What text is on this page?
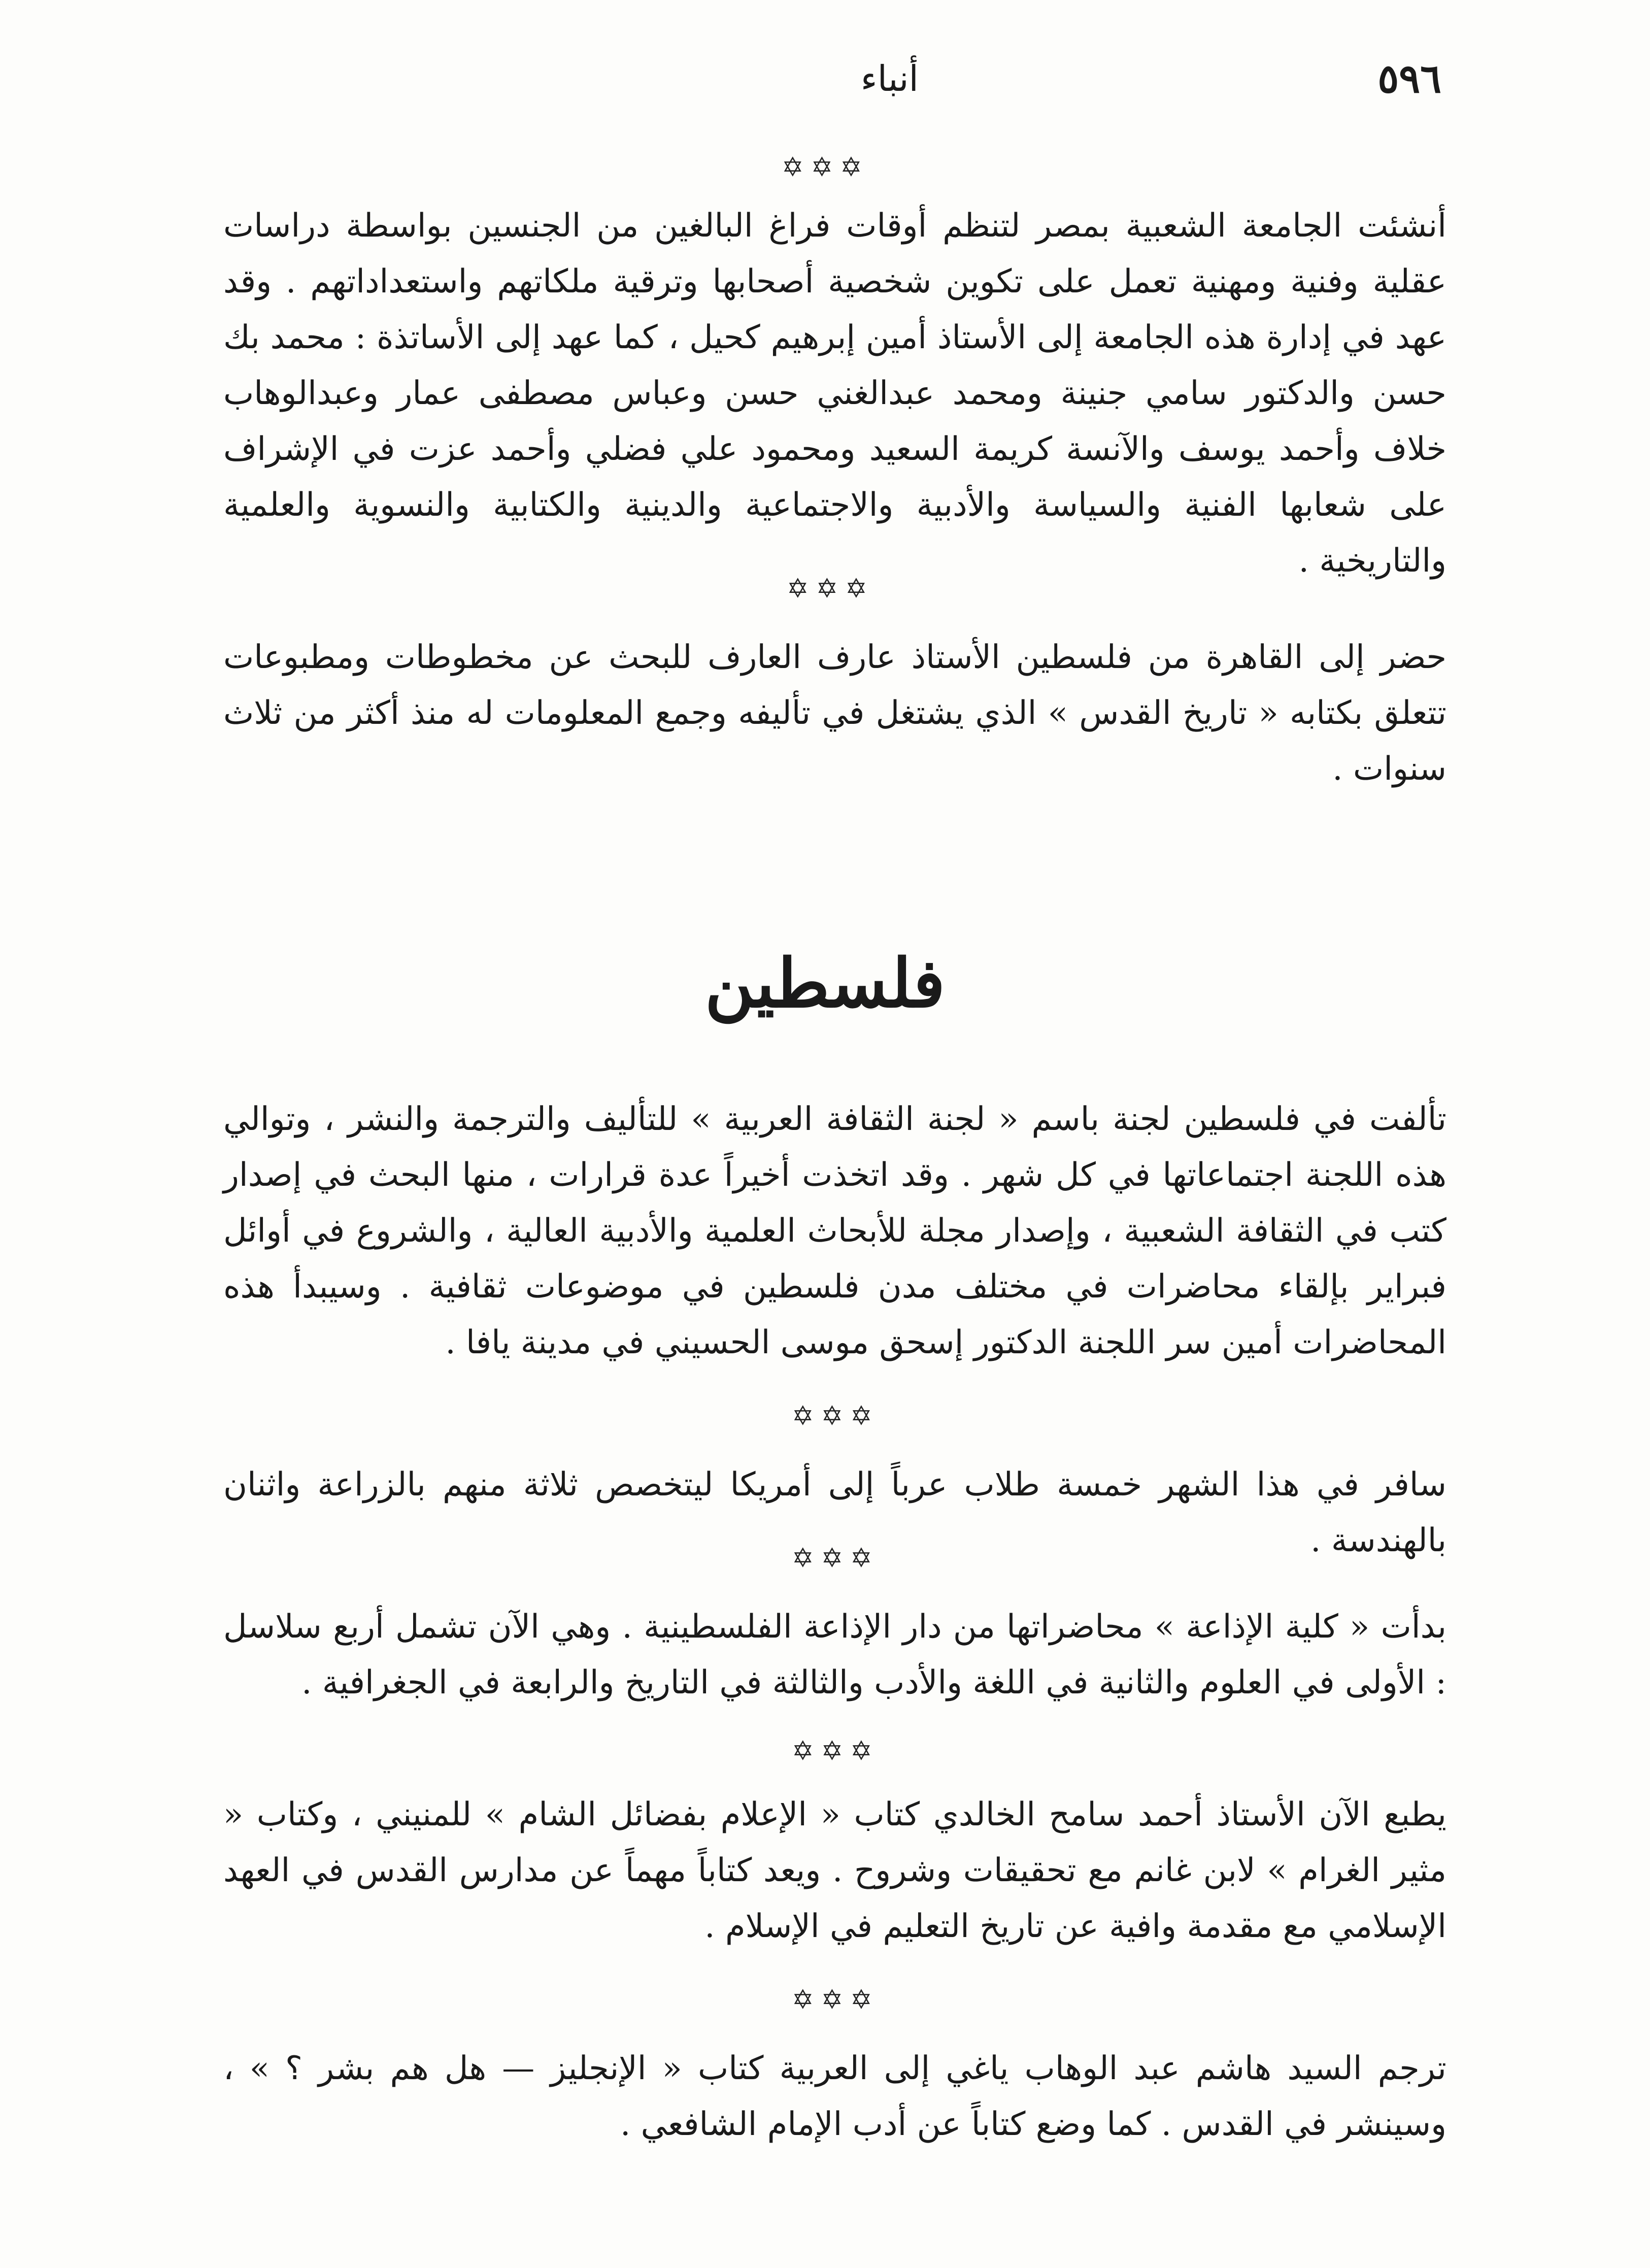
٥٩٦
أنباء
✡✡✡

أنشئت الجامعة الشعبية بمصر لتنظم أوقات فراغ البالغين من الجنسين بواسطة دراسات عقلية وفنية ومهنية تعمل على تكوين شخصية أصحابها وترقية ملكاتهم واستعداداتهم . وقد عهد في إدارة هذه الجامعة إلى الأستاذ أمين إبرهيم كحيل ، كما عهد إلى الأساتذة : محمد بك حسن والدكتور سامي جنينة ومحمد عبدالغني حسن وعباس مصطفى عمار وعبدالوهاب خلاف وأحمد يوسف والآنسة كريمة السعيد ومحمود علي فضلي وأحمد عزت في الإشراف على شعابها الفنية والسياسة والأدبية والاجتماعية والدينية والكتابية والنسوية والعلمية والتاريخية .

✡✡✡

حضر إلى القاهرة من فلسطين الأستاذ عارف العارف للبحث عن مخطوطات ومطبوعات تتعلق بكتابه « تاريخ القدس » الذي يشتغل في تأليفه وجمع المعلومات له منذ أكثر من ثلاث سنوات .

فلسطين

تألفت في فلسطين لجنة باسم « لجنة الثقافة العربية » للتأليف والترجمة والنشر ، وتوالي هذه اللجنة اجتماعاتها في كل شهر . وقد اتخذت أخيراً عدة قرارات ، منها البحث في إصدار كتب في الثقافة الشعبية ، وإصدار مجلة للأبحاث العلمية والأدبية العالية ، والشروع في أوائل فبراير بإلقاء محاضرات في مختلف مدن فلسطين في موضوعات ثقافية . وسيبدأ هذه المحاضرات أمين سر اللجنة الدكتور إسحق موسى الحسيني في مدينة يافا .

✡✡✡

سافر في هذا الشهر خمسة طلاب عرباً إلى أمريكا ليتخصص ثلاثة منهم بالزراعة واثنان بالهندسة .

✡✡✡

بدأت « كلية الإذاعة » محاضراتها من دار الإذاعة الفلسطينية . وهي الآن تشمل أربع سلاسل : الأولى في العلوم والثانية في اللغة والأدب والثالثة في التاريخ والرابعة في الجغرافية .

✡✡✡

يطبع الآن الأستاذ أحمد سامح الخالدي كتاب « الإعلام بفضائل الشام » للمنيني ، وكتاب « مثير الغرام » لابن غانم مع تحقيقات وشروح . ويعد كتاباً مهماً عن مدارس القدس في العهد الإسلامي مع مقدمة وافية عن تاريخ التعليم في الإسلام .

✡✡✡

ترجم السيد هاشم عبد الوهاب ياغي إلى العربية كتاب « الإنجليز — هل هم بشر ؟ » ، وسينشر في القدس . كما وضع كتاباً عن أدب الإمام الشافعي .
